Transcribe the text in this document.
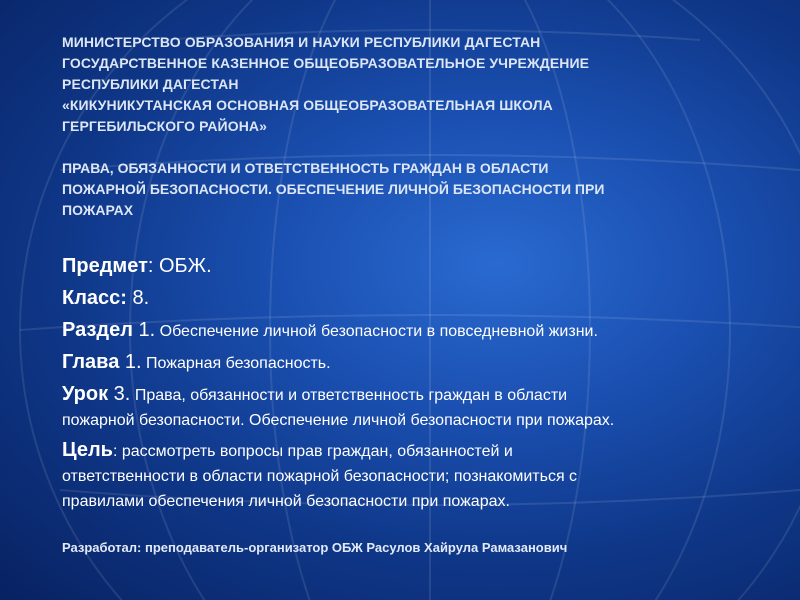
МИНИСТЕРСТВО ОБРАЗОВАНИЯ И НАУКИ РЕСПУБЛИКИ ДАГЕСТАН

ГОСУДАРСТВЕННОЕ КАЗЕННОЕ ОБЩЕОБРАЗОВАТЕЛЬНОЕ УЧРЕЖДЕНИЕ

РЕСПУБЛИКИ ДАГЕСТАН

«КИКУНИКУТАНСКАЯ ОСНОВНАЯ ОБЩЕОБРАЗОВАТЕЛЬНАЯ ШКОЛА

ГЕРГЕБИЛЬСКОГО РАЙОНА»

ПРАВА, ОБЯЗАННОСТИ И ОТВЕТСТВЕННОСТЬ ГРАЖДАН В ОБЛАСТИ

ПОЖАРНОЙ БЕЗОПАСНОСТИ. ОБЕСПЕЧЕНИЕ ЛИЧНОЙ БЕЗОПАСНОСТИ ПРИ

ПОЖАРАХ

Предмет: ОБЖ.

Класс: 8.

Раздел 1. Обеспечение личной безопасности в повседневной жизни.

Глава 1. Пожарная безопасность.

Урок 3. Права, обязанности и ответственность граждан в области
пожарной безопасности. Обеспечение личной безопасности при пожарах.

Цель: рассмотреть вопросы прав граждан, обязанностей и
ответственности в области пожарной безопасности; познакомиться с
правилами обеспечения личной безопасности при пожарах.

Разработал: преподаватель-организатор ОБЖ Расулов Хайрула Рамазанович
